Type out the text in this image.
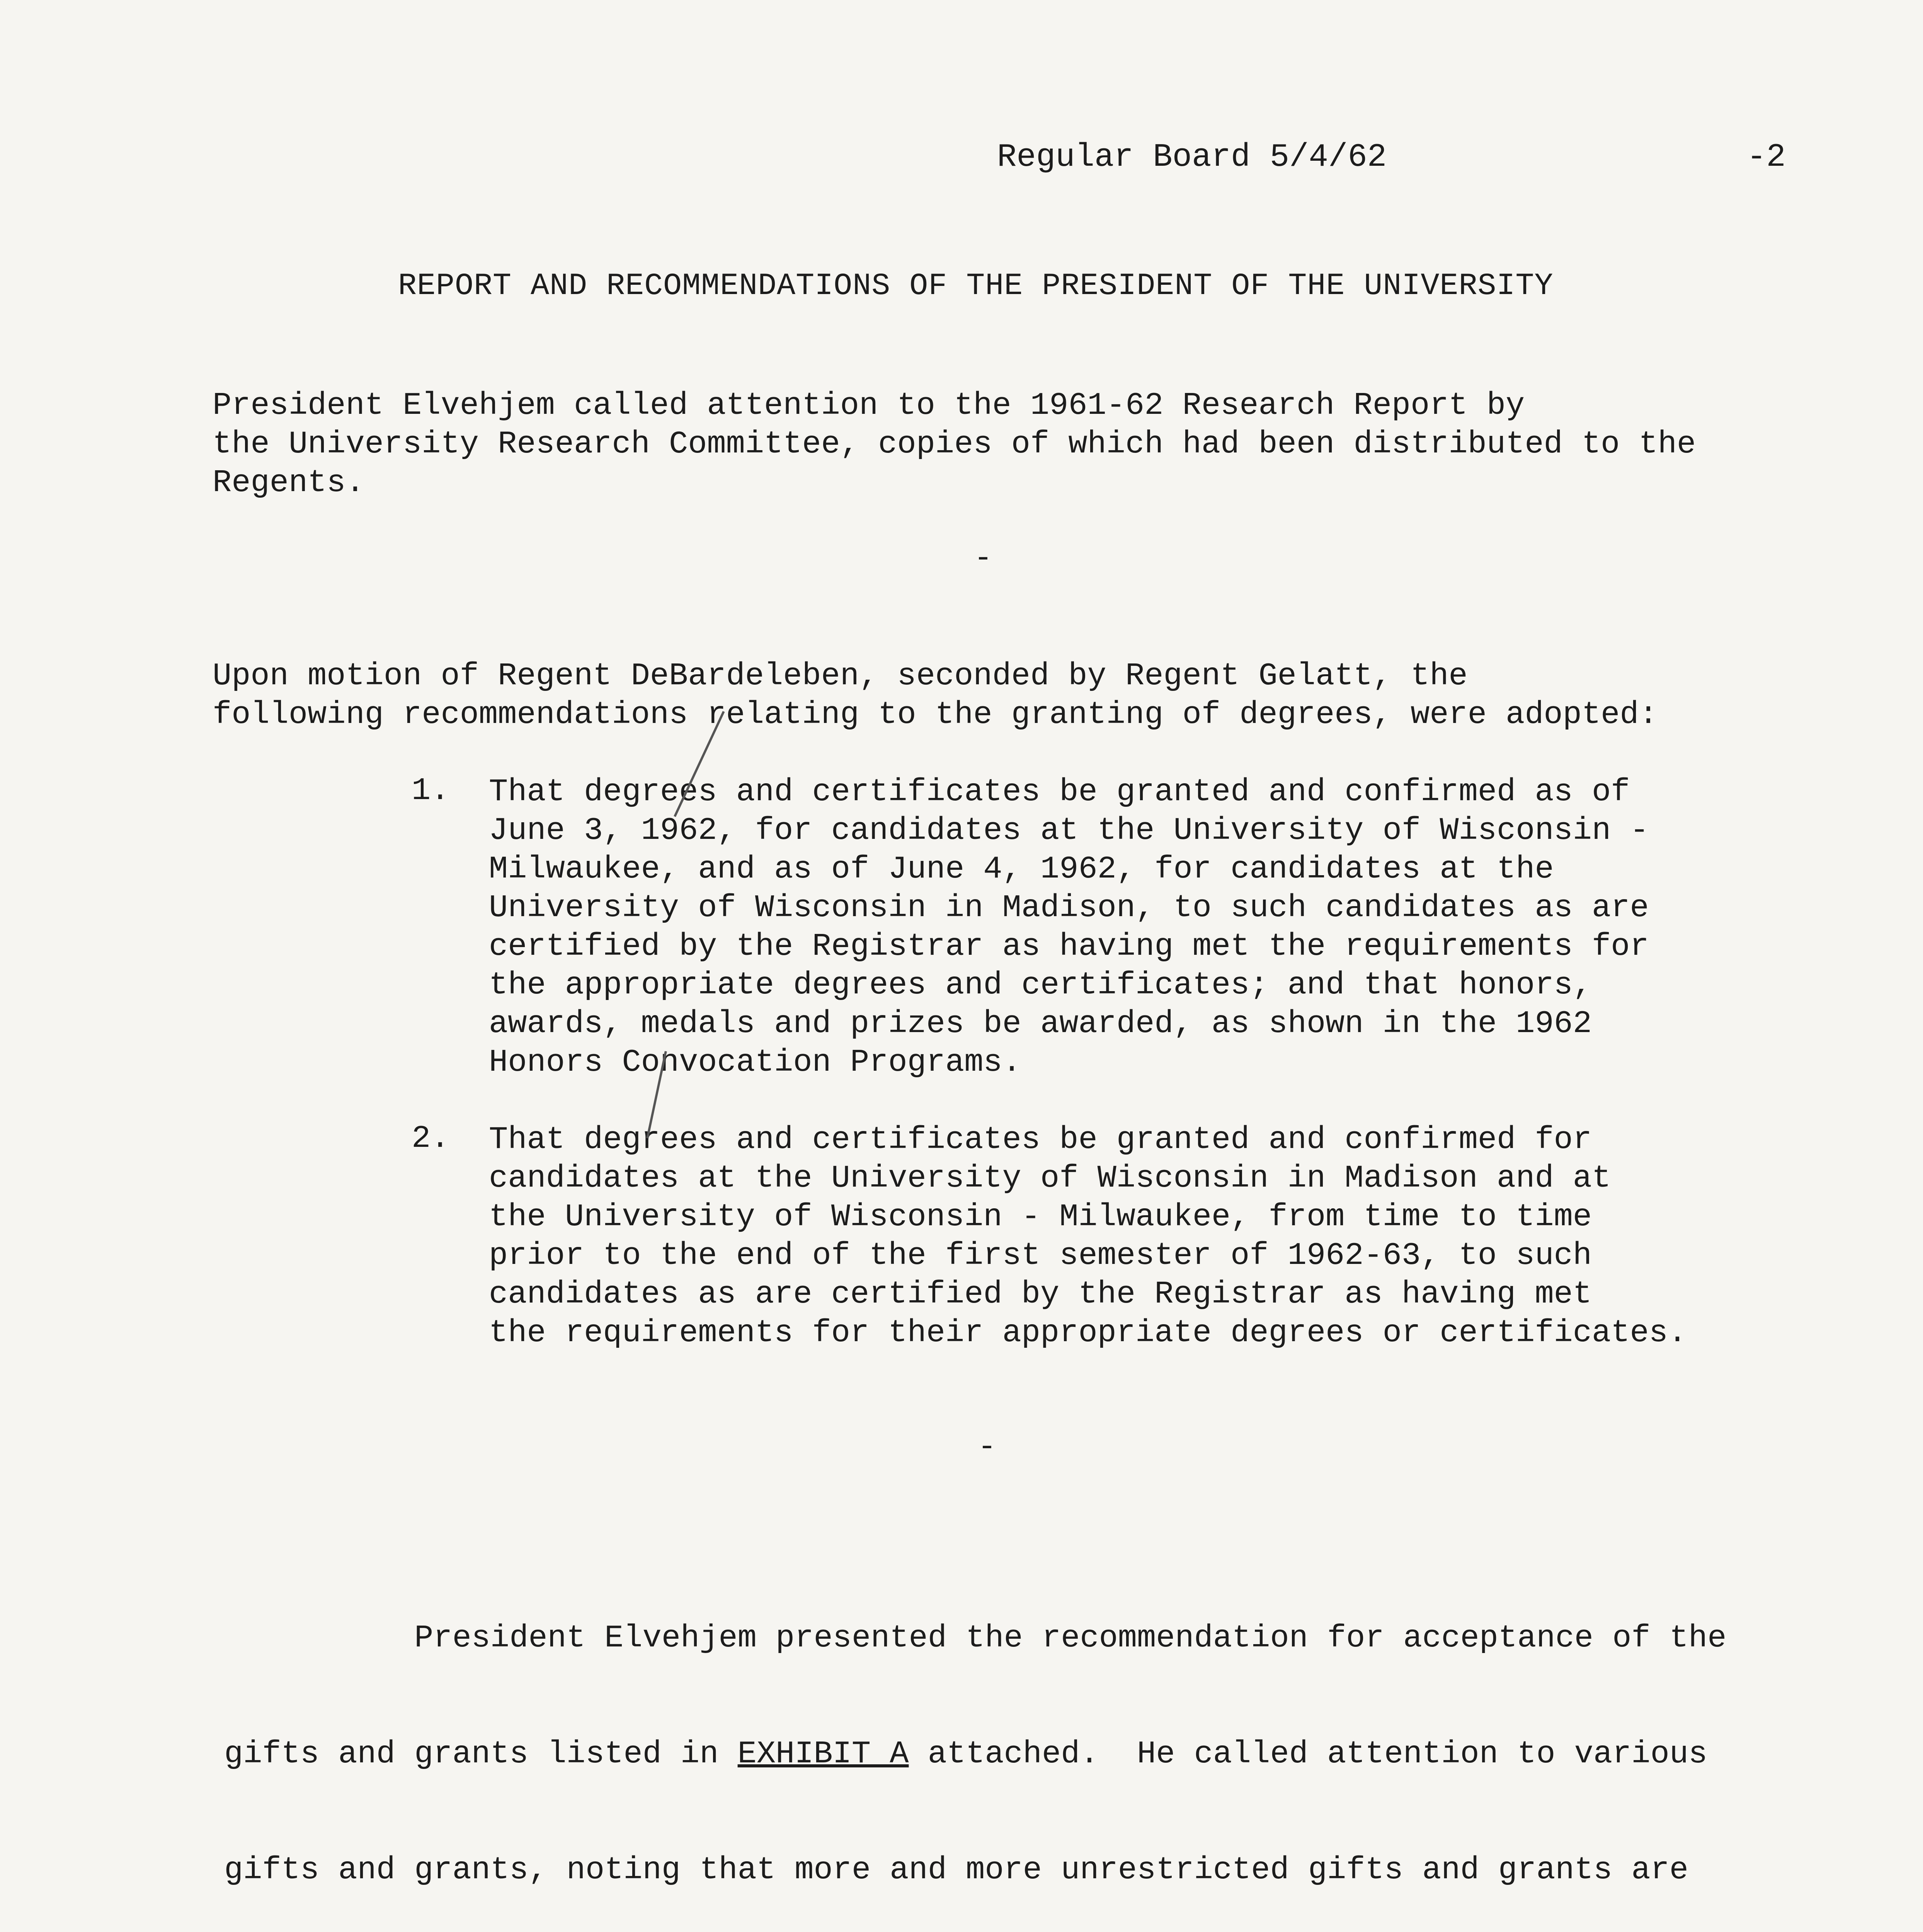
Regular Board 5/4/62	-2
REPORT AND RECOMMENDATIONS OF THE PRESIDENT OF THE UNIVERSITY
President Elvehjem called attention to the 1961-62 Research Report by
the University Research Committee, copies of which had been distributed to the
Regents.
-
Upon motion of Regent DeBardeleben, seconded by Regent Gelatt, the
following recommendations relating to the granting of degrees, were adopted:
1. That degrees and certificates be granted and confirmed as of
June 3, 1962, for candidates at the University of Wisconsin -
Milwaukee, and as of June 4, 1962, for candidates at the
University of Wisconsin in Madison, to such candidates as are
certified by the Registrar as having met the requirements for
the appropriate degrees and certificates; and that honors,
awards, medals and prizes be awarded, as shown in the 1962
Honors Convocation Programs.
2. That degrees and certificates be granted and confirmed for
candidates at the University of Wisconsin in Madison and at
the University of Wisconsin - Milwaukee, from time to time
prior to the end of the first semester of 1962-63, to such
candidates as are certified by the Registrar as having met
the requirements for their appropriate degrees or certificates.
-

President Elvehjem presented the recommendation for acceptance of the

gifts and grants listed in EXHIBIT A attached.  He called attention to various

gifts and grants, noting that more and more unrestricted gifts and grants are
